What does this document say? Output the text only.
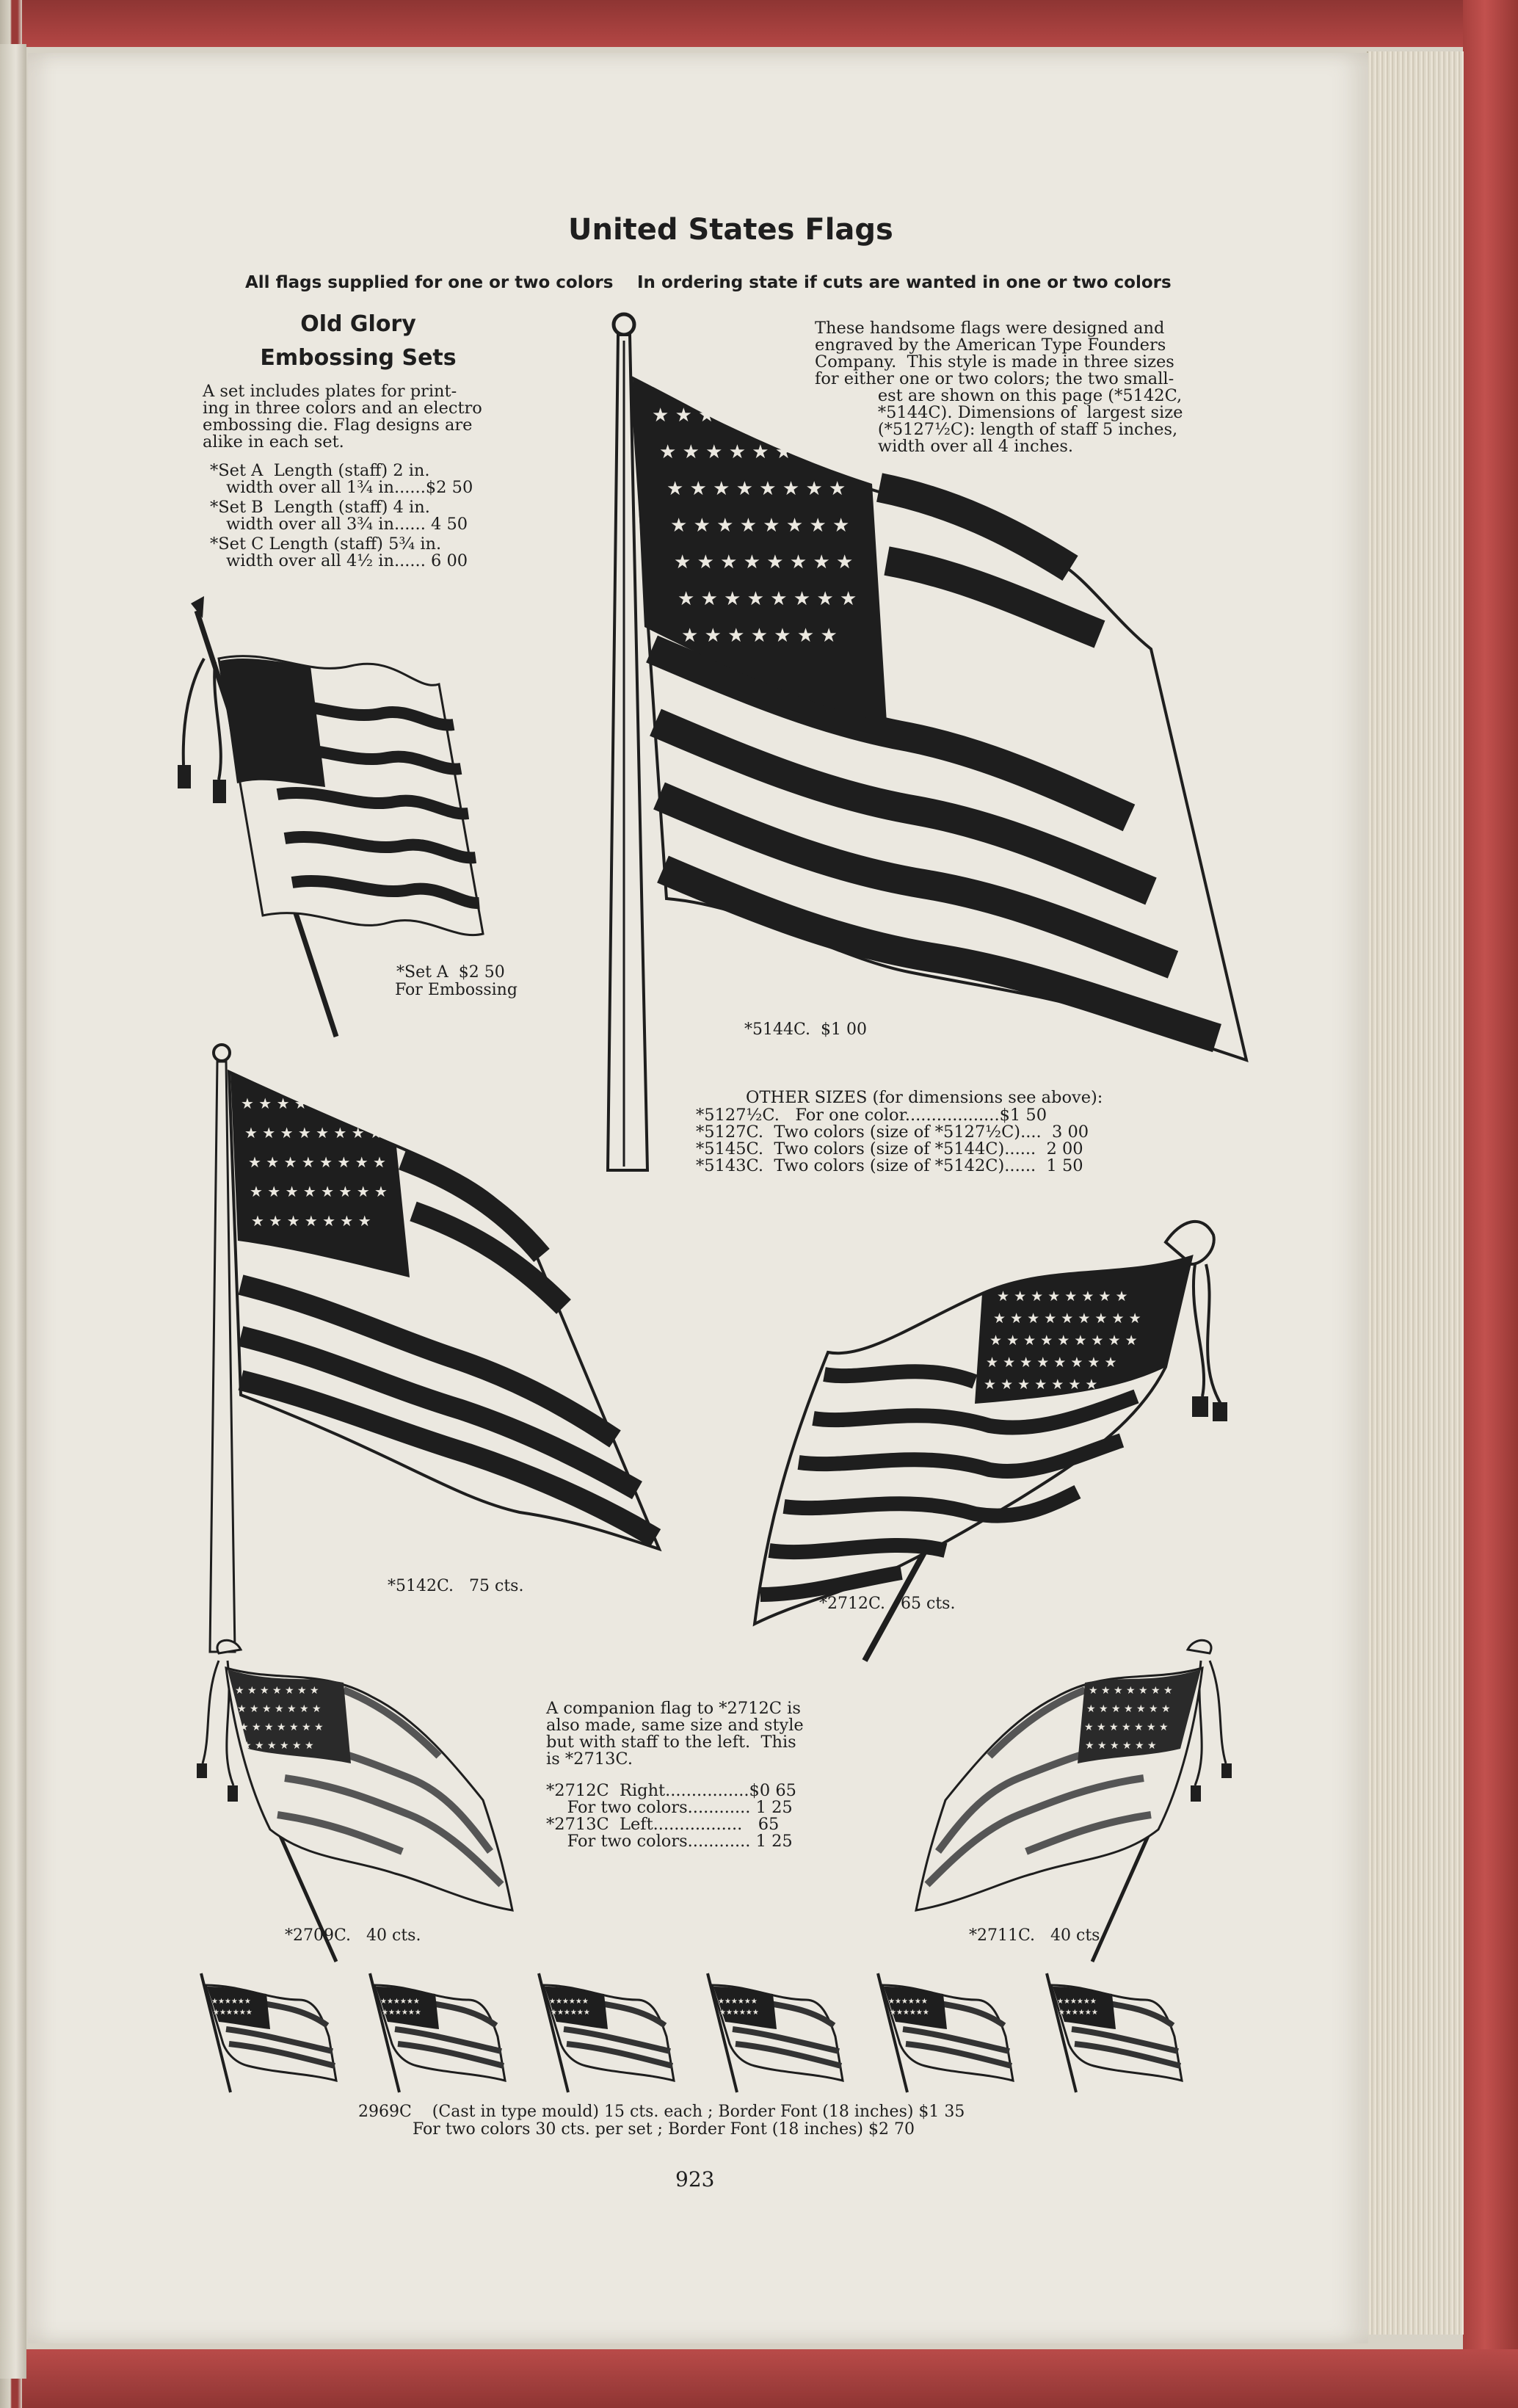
United States Flags
All flags supplied for one or two colors In ordering state if cuts are wanted in one or two colors
Old Glory
Embossing Sets
A set includes plates for print-
ing in three colors and an electro
embossing die. Flag designs are
alike in each set.
*Set A  Length (staff) 2 in.
width over all 1¾ in......$2 50
*Set B  Length (staff) 4 in.
width over all 3¾ in...... 4 50
*Set C Length (staff) 5¾ in.
width over all 4½ in...... 6 00
*Set A  $2 50
For Embossing
These handsome flags were designed and
engraved by the American Type Founders
Company.  This style is made in three sizes
for either one or two colors; the two small-
est are shown on this page (*5142C,
*5144C). Dimensions of  largest size
(*5127½C): length of staff 5 inches,
width over all 4 inches.
★ ★ ★ ★ ★ ★ ★
★ ★ ★ ★ ★ ★ ★ ★
★ ★ ★ ★ ★ ★ ★ ★
★ ★ ★ ★ ★ ★ ★ ★
★ ★ ★ ★ ★ ★ ★ ★
★ ★ ★ ★ ★ ★ ★ ★
★ ★ ★ ★ ★ ★ ★
*5144C.  $1 00
OTHER SIZES (for dimensions see above):
*5127½C.   For one color..................$1 50
*5127C.  Two colors (size of *5127½C)....  3 00
*5145C.  Two colors (size of *5144C)......  2 00
*5143C.  Two colors (size of *5142C)......  1 50
★ ★ ★ ★ ★ ★ ★
★ ★ ★ ★ ★ ★ ★ ★
★ ★ ★ ★ ★ ★ ★ ★
★ ★ ★ ★ ★ ★ ★ ★
★ ★ ★ ★ ★ ★ ★
*5142C.   75 cts.
★ ★ ★ ★ ★ ★ ★ ★
★ ★ ★ ★ ★ ★ ★ ★ ★
★ ★ ★ ★ ★ ★ ★ ★ ★
★ ★ ★ ★ ★ ★ ★ ★
★ ★ ★ ★ ★ ★ ★
*2712C.   65 cts.
A companion flag to *2712C is
also made, same size and style
but with staff to the left.  This
is *2713C.
*2712C  Right................$0 65
For two colors............ 1 25
*2713C  Left.................   65
For two colors............ 1 25
★ ★ ★ ★ ★ ★ ★
★ ★ ★ ★ ★ ★ ★
★ ★ ★ ★ ★ ★ ★
★ ★ ★ ★ ★ ★
*2709C.   40 cts.
★ ★ ★ ★ ★ ★ ★
★ ★ ★ ★ ★ ★ ★
★ ★ ★ ★ ★ ★ ★
★ ★ ★ ★ ★ ★
*2711C.   40 cts.
★★★★★★
★★★★★★
★★★★★★
★★★★★★
★★★★★★
★★★★★★
★★★★★★
★★★★★★
★★★★★★
★★★★★★
★★★★★★
★★★★★★
2969C    (Cast in type mould) 15 cts. each ; Border Font (18 inches) $1 35
For two colors 30 cts. per set ; Border Font (18 inches) $2 70
923
